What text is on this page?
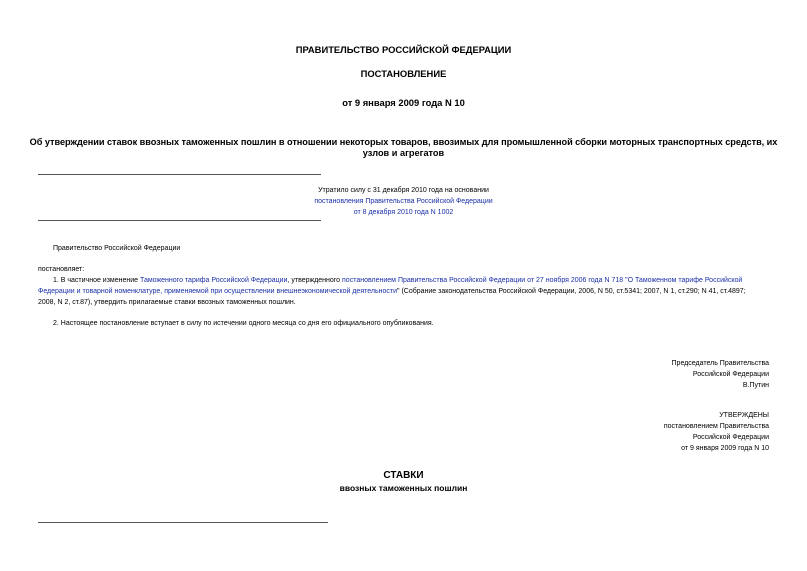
ПРАВИТЕЛЬСТВО РОССИЙСКОЙ ФЕДЕРАЦИИ
ПОСТАНОВЛЕНИЕ
от 9 января 2009 года N 10
Об утверждении ставок ввозных таможенных пошлин в отношении некоторых товаров, ввозимых для промышленной сборки моторных транспортных средств, их
узлов и агрегатов
Утратило силу с 31 декабря 2010 года на основании
постановления Правительства Российской Федерации
от 8 декабря 2010 года N 1002
Правительство Российской Федерации
постановляет:
1. В частичное изменение Таможенного тарифа Российской Федерации, утвержденного постановлением Правительства Российской Федерации от 27 ноября 2006 года N 718 "О Таможенном тарифе Российской
Федерации и товарной номенклатуре, применяемой при осуществлении внешнеэкономической деятельности" (Собрание законодательства Российской Федерации, 2006, N 50, ст.5341; 2007, N 1, ст.290; N 41, ст.4897;
2008, N 2, ст.87), утвердить прилагаемые ставки ввозных таможенных пошлин.
2. Настоящее постановление вступает в силу по истечении одного месяца со дня его официального опубликования.
Председатель Правительства
Российской Федерации
В.Путин
УТВЕРЖДЕНЫ
постановлением Правительства
Российской Федерации
от 9 января 2009 года N 10
СТАВКИ
ввозных таможенных пошлин
